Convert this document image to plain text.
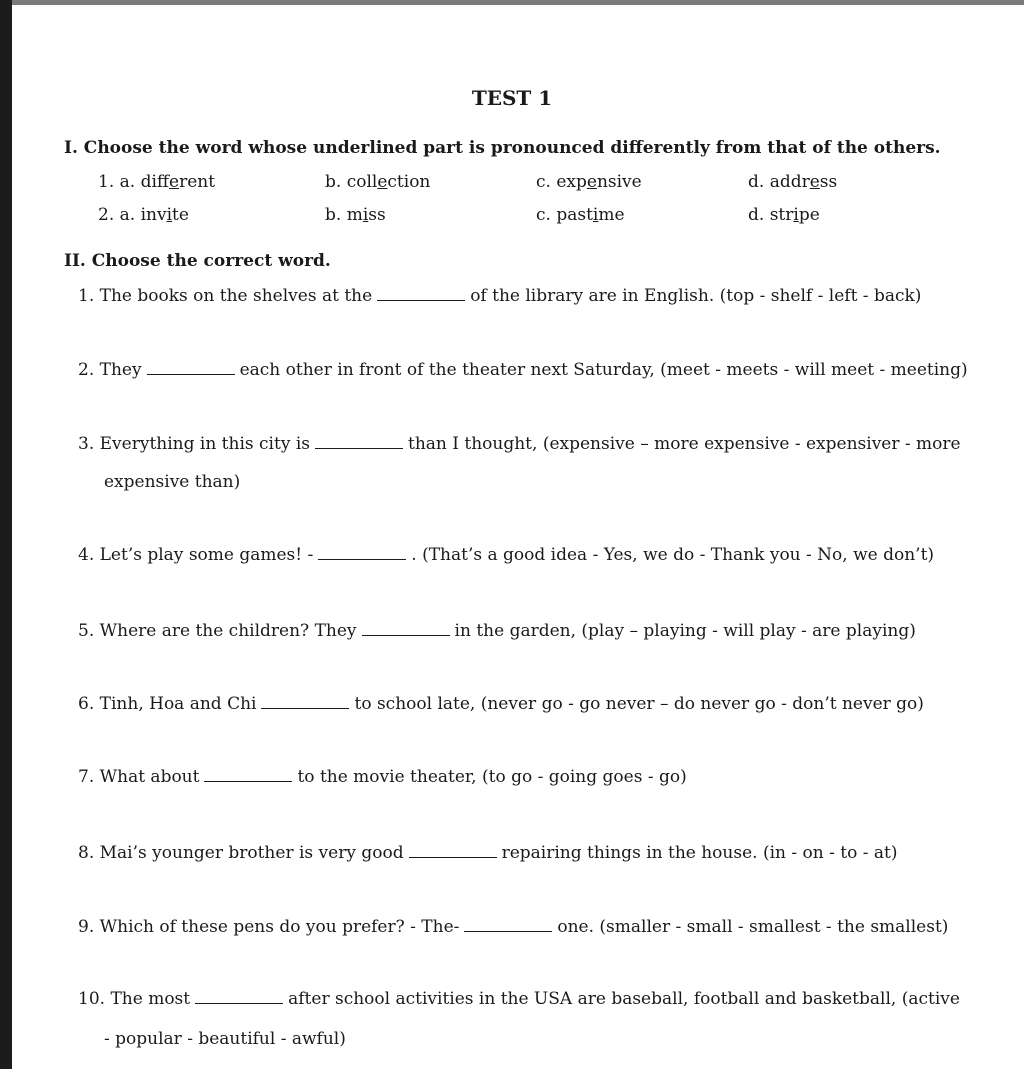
TEST 1
I. Choose the word whose underlined part is pronounced differently from that of the others.
1. a. different	b. collection	c. expensive	d. address
2. a. invite	b. miss	c. pastime	d. stripe
II. Choose the correct word.
1. The books on the shelves at the	of the library are in English. (top - shelf - left - back)
2. They	each other in front of the theater next Saturday, (meet - meets - will meet - meeting)
3. Everything in this city is	than I thought, (expensive – more expensive - expensiver - more
expensive than)
4. Let’s play some games! -	. (That’s a good idea - Yes, we do - Thank you - No, we don’t)
5. Where are the children? They	in the garden, (play – playing - will play - are playing)
6. Tinh, Hoa and Chi	to school late, (never go - go never – do never go - don’t never go)
7. What about	to the movie theater, (to go - going goes - go)
8. Mai’s younger brother is very good	repairing things in the house. (in - on - to - at)
9. Which of these pens do you prefer? - The-	one. (smaller - small - smallest - the smallest)
10. The most	after school activities in the USA are baseball, football and basketball, (active
- popular - beautiful - awful)
